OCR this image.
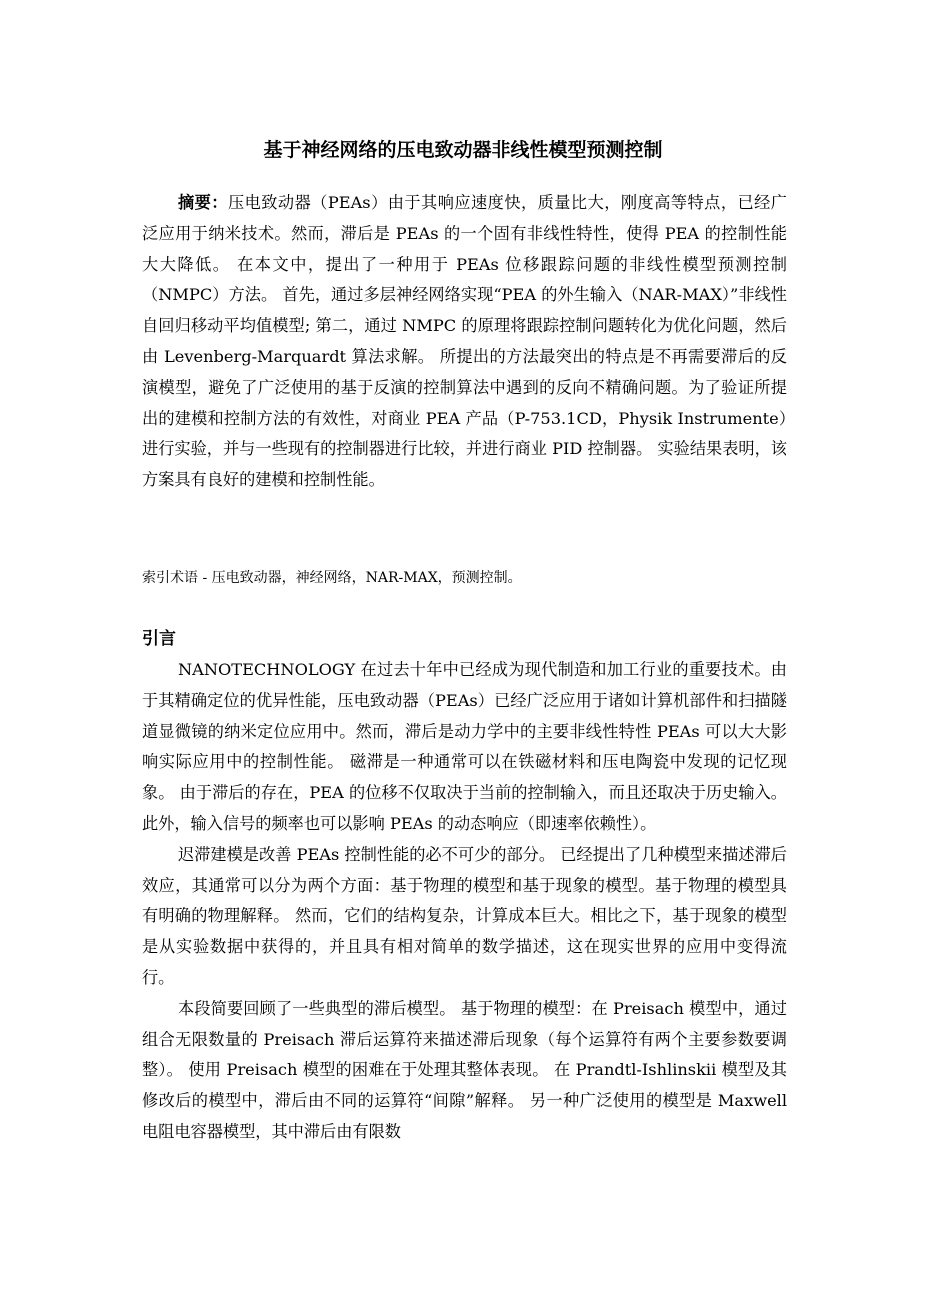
基于神经网络的压电致动器非线性模型预测控制

摘要：压电致动器（PEAs）由于其响应速度快，质量比大，刚度高等特点，已经广泛应用于纳米技术。然而，滞后是 PEAs 的一个固有非线性特性，使得 PEA 的控制性能大大降低。 在本文中，提出了一种用于 PEAs 位移跟踪问题的非线性模型预测控制（NMPC）方法。 首先，通过多层神经网络实现“PEA 的外生输入（NAR-MAX）”非线性自回归移动平均值模型; 第二，通过 NMPC 的原理将跟踪控制问题转化为优化问题，然后由 Levenberg-Marquardt 算法求解。 所提出的方法最突出的特点是不再需要滞后的反演模型，避免了广泛使用的基于反演的控制算法中遇到的反向不精确问题。为了验证所提出的建模和控制方法的有效性，对商业 PEA 产品（P-753.1CD，Physik Instrumente）进行实验，并与一些现有的控制器进行比较，并进行商业 PID 控制器。 实验结果表明，该方案具有良好的建模和控制性能。

索引术语 - 压电致动器，神经网络，NAR-MAX，预测控制。

引言

NANOTECHNOLOGY 在过去十年中已经成为现代制造和加工行业的重要技术。由于其精确定位的优异性能，压电致动器（PEAs）已经广泛应用于诸如计算机部件和扫描隧道显微镜的纳米定位应用中。然而，滞后是动力学中的主要非线性特性 PEAs 可以大大影响实际应用中的控制性能。 磁滞是一种通常可以在铁磁材料和压电陶瓷中发现的记忆现象。 由于滞后的存在，PEA 的位移不仅取决于当前的控制输入，而且还取决于历史输入。此外，输入信号的频率也可以影响 PEAs 的动态响应（即速率依赖性）。

迟滞建模是改善 PEAs 控制性能的必不可少的部分。 已经提出了几种模型来描述滞后效应，其通常可以分为两个方面：基于物理的模型和基于现象的模型。基于物理的模型具有明确的物理解释。 然而，它们的结构复杂，计算成本巨大。相比之下，基于现象的模型是从实验数据中获得的，并且具有相对简单的数学描述，这在现实世界的应用中变得流行。

本段简要回顾了一些典型的滞后模型。 基于物理的模型：在 Preisach 模型中，通过组合无限数量的 Preisach 滞后运算符来描述滞后现象（每个运算符有两个主要参数要调整）。 使用 Preisach 模型的困难在于处理其整体表现。 在 Prandtl-Ishlinskii 模型及其修改后的模型中，滞后由不同的运算符“间隙”解释。 另一种广泛使用的模型是 Maxwell 电阻电容器模型，其中滞后由有限数
